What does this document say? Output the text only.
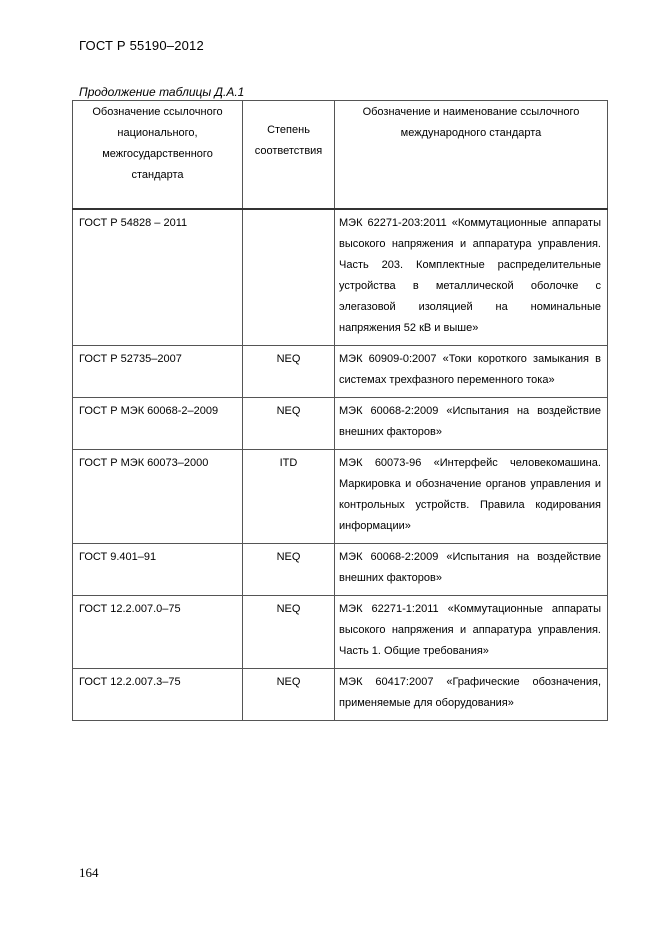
ГОСТ Р 55190–2012
Продолжение таблицы Д.А.1
Обозначение ссылочного национального, межгосударственного стандарта	Степень соответствия	Обозначение и наименование ссылочного международного стандарта
ГОСТ Р 54828 – 2011		МЭК 62271-203:2011 «Коммутационные аппараты высокого напряжения и аппаратура управления. Часть 203. Комплектные распределительные устройства в металлической оболочке с элегазовой изоляцией на номинальные напряжения 52 кВ и выше»
ГОСТ Р 52735–2007	NEQ	МЭК 60909-0:2007 «Токи короткого замыкания в системах трехфазного переменного тока»
ГОСТ Р МЭК 60068-2–2009	NEQ	МЭК 60068-2:2009 «Испытания на воздействие внешних факторов»
ГОСТ Р МЭК 60073–2000	ITD	МЭК 60073-96 «Интерфейс человекомашина. Маркировка и обозначение органов управления и контрольных устройств. Правила кодирования информации»
ГОСТ 9.401–91	NEQ	МЭК 60068-2:2009 «Испытания на воздействие внешних факторов»
ГОСТ 12.2.007.0–75	NEQ	МЭК 62271-1:2011 «Коммутационные аппараты высокого напряжения и аппаратура управления. Часть 1. Общие требования»
ГОСТ 12.2.007.3–75	NEQ	МЭК 60417:2007 «Графические обозначения, применяемые для оборудования»
164
